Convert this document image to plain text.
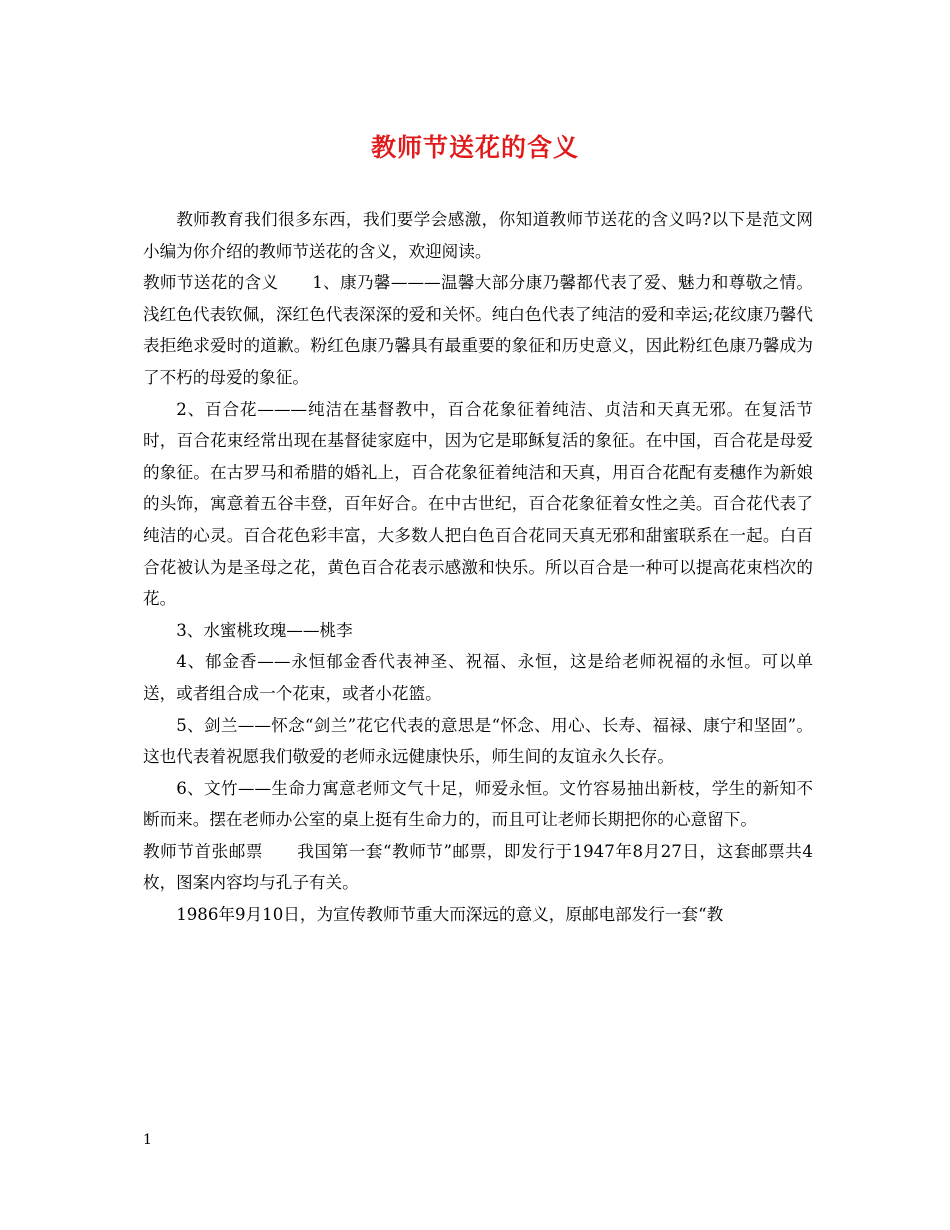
教师节送花的含义

教师教育我们很多东西，我们要学会感激，你知道教师节送花的含义吗?以下是范文网小编为你介绍的教师节送花的含义，欢迎阅读。

教师节送花的含义　　1、康乃馨———温馨大部分康乃馨都代表了爱、魅力和尊敬之情。浅红色代表钦佩，深红色代表深深的爱和关怀。纯白色代表了纯洁的爱和幸运;花纹康乃馨代表拒绝求爱时的道歉。粉红色康乃馨具有最重要的象征和历史意义，因此粉红色康乃馨成为了不朽的母爱的象征。

2、百合花———纯洁在基督教中，百合花象征着纯洁、贞洁和天真无邪。在复活节时，百合花束经常出现在基督徒家庭中，因为它是耶稣复活的象征。在中国，百合花是母爱的象征。在古罗马和希腊的婚礼上，百合花象征着纯洁和天真，用百合花配有麦穗作为新娘的头饰，寓意着五谷丰登，百年好合。在中古世纪，百合花象征着女性之美。百合花代表了纯洁的心灵。百合花色彩丰富，大多数人把白色百合花同天真无邪和甜蜜联系在一起。白百合花被认为是圣母之花，黄色百合花表示感激和快乐。所以百合是一种可以提高花束档次的花。

3、水蜜桃玫瑰——桃李

4、郁金香——永恒郁金香代表神圣、祝福、永恒，这是给老师祝福的永恒。可以单送，或者组合成一个花束，或者小花篮。

5、剑兰——怀念“剑兰”花它代表的意思是“怀念、用心、长寿、福禄、康宁和坚固”。这也代表着祝愿我们敬爱的老师永远健康快乐，师生间的友谊永久长存。

6、文竹——生命力寓意老师文气十足，师爱永恒。文竹容易抽出新枝，学生的新知不断而来。摆在老师办公室的桌上挺有生命力的，而且可让老师长期把你的心意留下。

教师节首张邮票　　我国第一套“教师节”邮票，即发行于1947年8月27日，这套邮票共4枚，图案内容均与孔子有关。

1986年9月10日，为宣传教师节重大而深远的意义，原邮电部发行一套“教

1
